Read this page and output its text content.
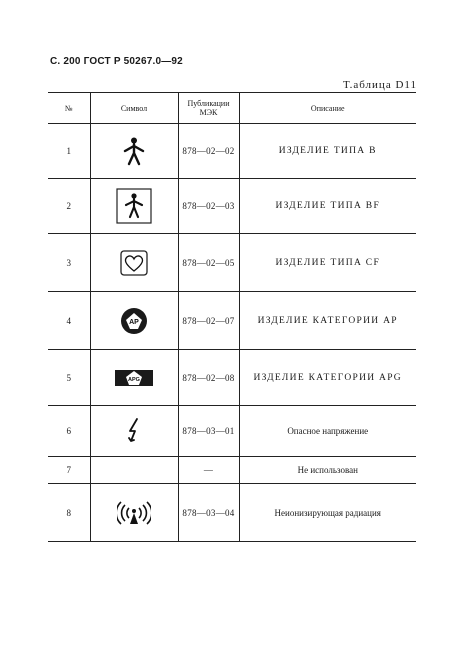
С. 200 ГОСТ Р 50267.0—92
Т.аблица D11
№	Символ	Публикации МЭК	Описание
1		878—02—02	ИЗДЕЛИЕ ТИПА В
2		878—02—03	ИЗДЕЛИЕ ТИПА BF
3		878—02—05	ИЗДЕЛИЕ ТИПА CF
4	AP	878—02—07	ИЗДЕЛИЕ КАТЕГОРИИ АР
5	APG	878—02—08	ИЗДЕЛИЕ КАТЕГОРИИ APG
6		878—03—01	Опасное напряжение
7		—	Не использован
8		878—03—04	Неионизирующая радиация
